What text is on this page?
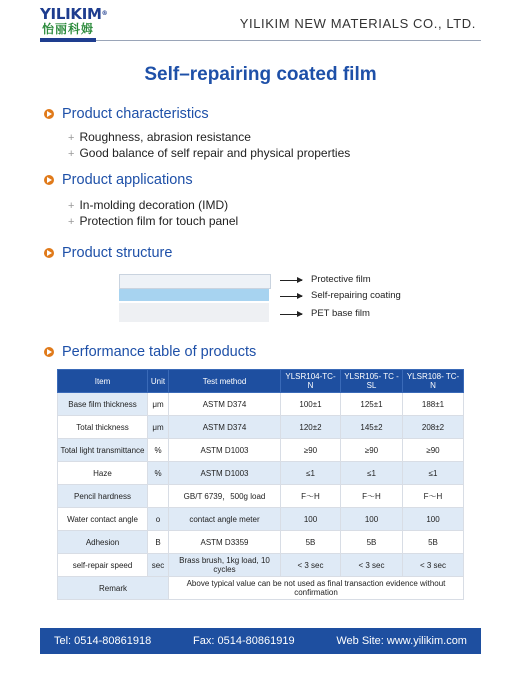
YILIKIM®
怡丽科姆	YILIKIM NEW MATERIALS CO., LTD.
Self–repairing coated film
Product characteristics
+ Roughness, abrasion resistance
+ Good balance of self repair and physical properties
Product applications
+ In-molding decoration (IMD)
+ Protection film for touch panel
Product structure
Protective film
Self-repairing coating
PET base film
Performance table of products
Item	Unit	Test method	YLSR104-TC-N	YLSR105- TC -SL	YLSR108- TC-N
Base film thickness	μm	ASTM D374	100±1	125±1	188±1
Total thickness	μm	ASTM D374	120±2	145±2	208±2
Total light transmittance	%	ASTM D1003	≥90	≥90	≥90
Haze	%	ASTM D1003	≤1	≤1	≤1
Pencil hardness		GB/T 6739，500g load	F～H	F～H	F～H
Water contact angle	o	contact angle meter	100	100	100
Adhesion	B	ASTM D3359	5B	5B	5B
self-repair speed	sec	Brass brush, 1kg load, 10 cycles	< 3 sec	< 3 sec	< 3 sec
Remark		Above typical value can be not used as final transaction evidence without confirmation			
Tel: 0514-80861918	Fax: 0514-80861919	Web Site: www.yilikim.com
